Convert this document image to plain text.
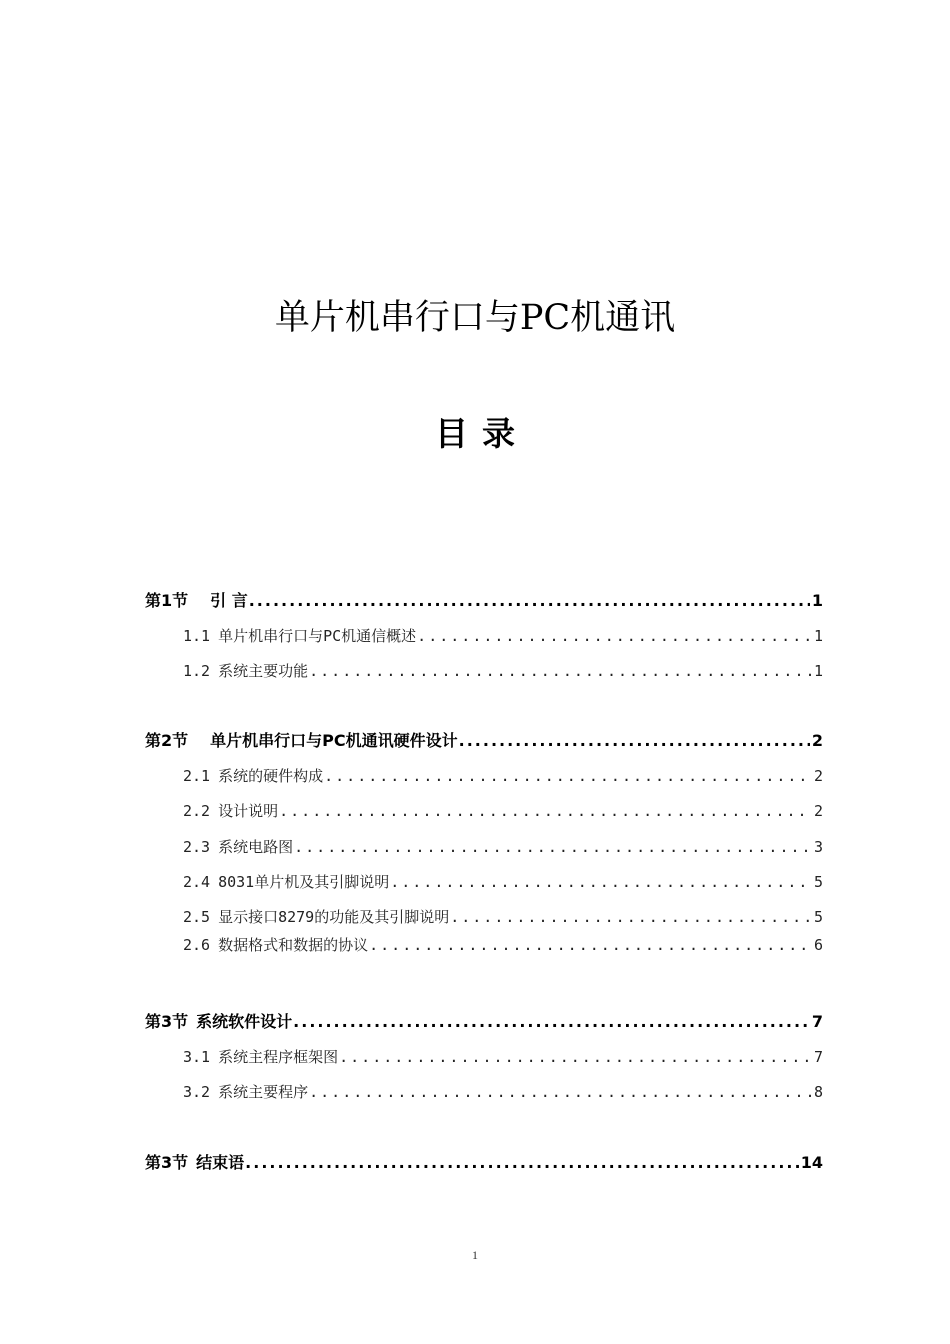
单片机串行口与PC机通讯
目录
第1节 引 言 .....	1
1.1 单片机串行口与PC机通信概述 .....	1
1.2 系统主要功能 .....	1
第2节 单片机串行口与PC机通讯硬件设计 .....	2
2.1 系统的硬件构成 .....	2
2.2 设计说明 .....	2
2.3 系统电路图 .....	3
2.4 8031单片机及其引脚说明 .....	5
2.5 显示接口8279的功能及其引脚说明 .....	5
2.6 数据格式和数据的协议 .....	6
第3节 系统软件设计 .....	7
3.1 系统主程序框架图 .....	7
3.2 系统主要程序 .....	8
第3节 结束语 .....	14
1
